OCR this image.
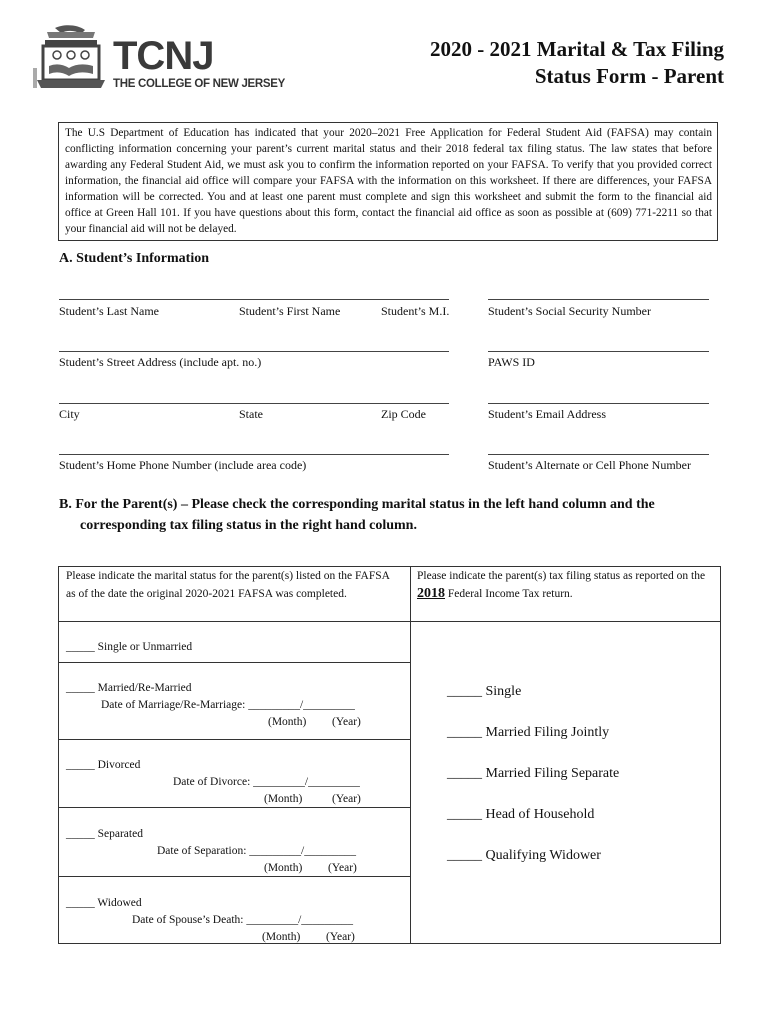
TCNJ
THE COLLEGE OF NEW JERSEY
2020 - 2021 Marital & Tax Filing
Status Form - Parent
The U.S Department of Education has indicated that your 2020–2021 Free Application for Federal Student Aid (FAFSA) may contain conflicting information concerning your parent’s current marital status and their 2018 federal tax filing status. The law states that before awarding any Federal Student Aid, we must ask you to confirm the information reported on your FAFSA. To verify that you provided correct information, the financial aid office will compare your FAFSA with the information on this worksheet. If there are differences, your FAFSA information will be corrected. You and at least one parent must complete and sign this worksheet and submit the form to the financial aid office at Green Hall 101. If you have questions about this form, contact the financial aid office as soon as possible at (609) 771-2211 so that your financial aid will not be delayed.
A. Student’s Information
Student’s Last Name	Student’s First Name	Student’s M.I.	Student’s Social Security Number
Student’s Street Address (include apt. no.)	PAWS ID
City	State	Zip Code	Student’s Email Address
Student’s Home Phone Number (include area code)	Student’s Alternate or Cell Phone Number
B. For the Parent(s) – Please check the corresponding marital status in the left hand column and the
corresponding tax filing status in the right hand column.
Please indicate the marital status for the parent(s) listed on the FAFSA as of the date the original 2020-2021 FAFSA was completed.
Please indicate the parent(s) tax filing status as reported on the 2018 Federal Income Tax return.
_____ Single or Unmarried
_____ Married/Re-Married
Date of Marriage/Re-Marriage: _________/_________
(Month) (Year)
_____ Divorced
Date of Divorce: _________/_________
(Month)	(Year)
_____ Separated
Date of Separation: _________/_________
(Month) (Year)
_____ Widowed
Date of Spouse’s Death: _________/_________
(Month) (Year)
_____ Single
_____ Married Filing Jointly
_____ Married Filing Separate
_____ Head of Household
_____ Qualifying Widower
